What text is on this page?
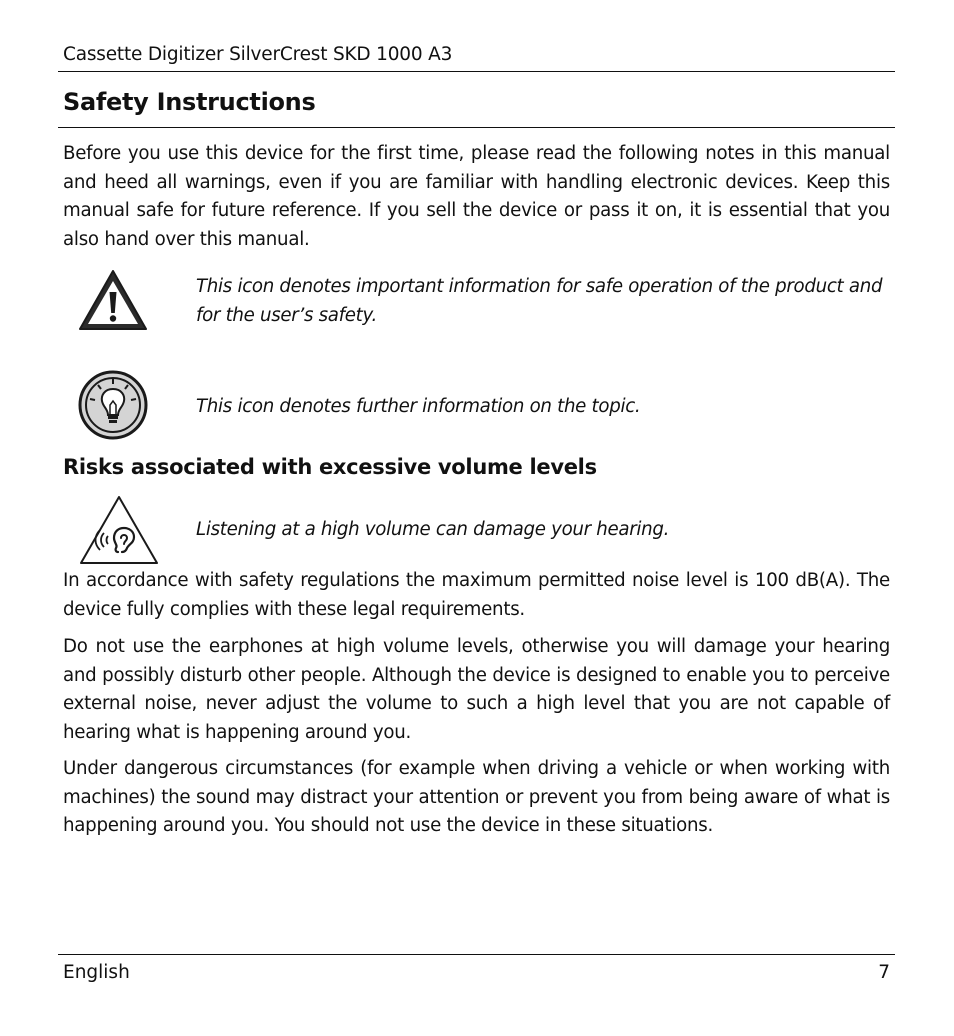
Cassette Digitizer SilverCrest SKD 1000 A3
Safety Instructions

Before you use this device for the first time, please read the following notes in this manual and heed all warnings, even if you are familiar with handling electronic devices. Keep this manual safe for future reference. If you sell the device or pass it on, it is essential that you also hand over this manual.

This icon denotes important information for safe operation of the product and for the user’s safety.

This icon denotes further information on the topic.

Risks associated with excessive volume levels

Listening at a high volume can damage your hearing.

In accordance with safety regulations the maximum permitted noise level is 100 dB(A). The device fully complies with these legal requirements.

Do not use the earphones at high volume levels, otherwise you will damage your hearing and possibly disturb other people. Although the device is designed to enable you to perceive external noise, never adjust the volume to such a high level that you are not capable of hearing what is happening around you.

Under dangerous circumstances (for example when driving a vehicle or when working with machines) the sound may distract your attention or prevent you from being aware of what is happening around you. You should not use the device in these situations.

English	7
